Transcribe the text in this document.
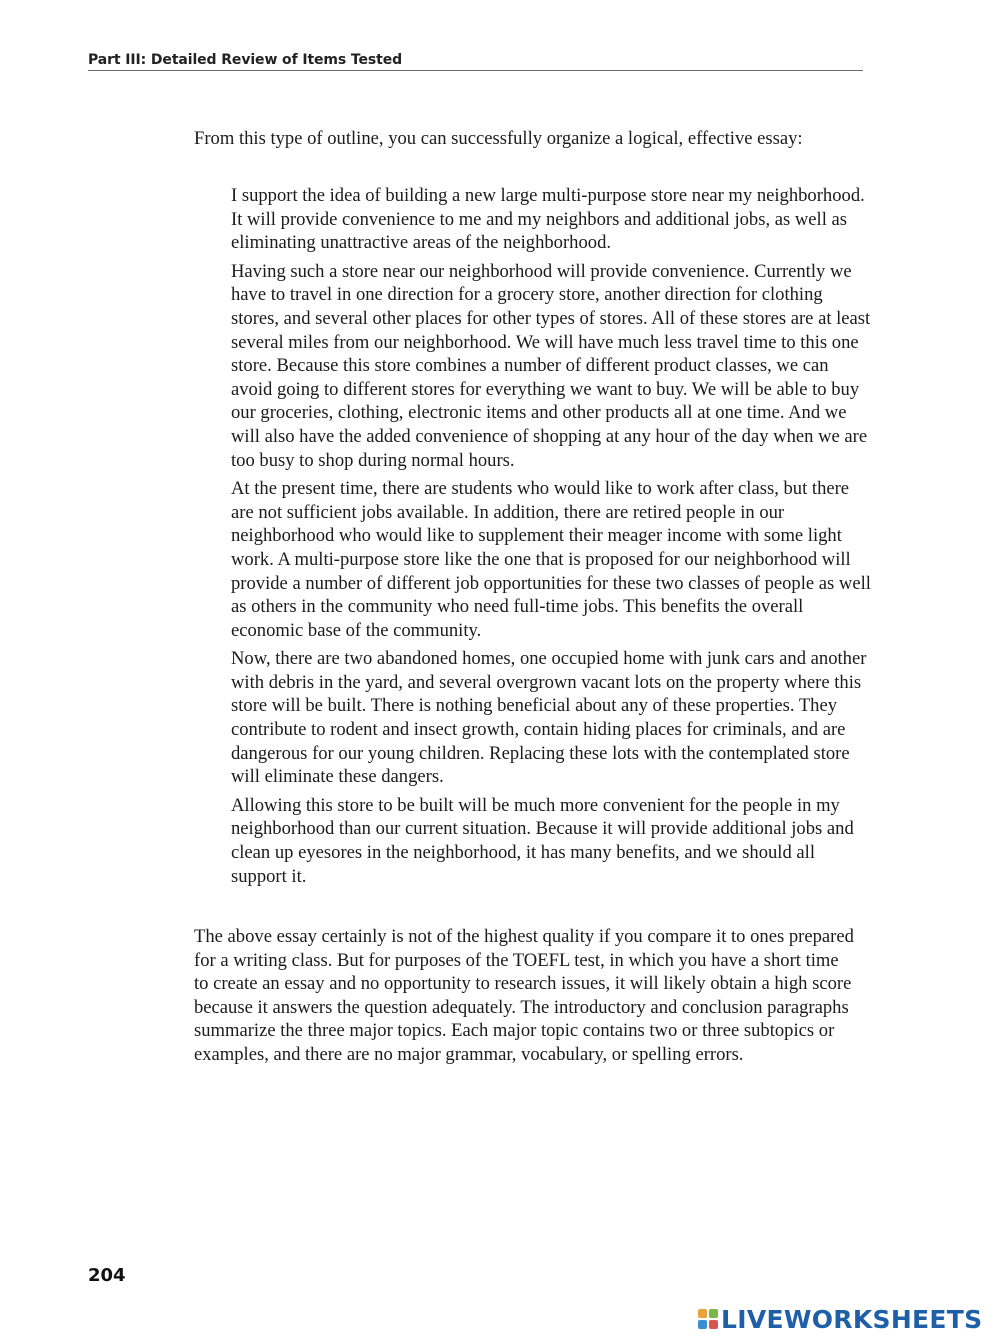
Part III: Detailed Review of Items Tested

From this type of outline, you can successfully organize a logical, effective essay:

I support the idea of building a new large multi-purpose store near my neighborhood. It will provide convenience to me and my neighbors and additional jobs, as well as eliminating unattractive areas of the neighborhood.

Having such a store near our neighborhood will provide convenience. Currently we have to travel in one direction for a grocery store, another direction for clothing stores, and several other places for other types of stores. All of these stores are at least several miles from our neighborhood. We will have much less travel time to this one store. Because this store combines a number of different product classes, we can avoid going to different stores for everything we want to buy. We will be able to buy our groceries, clothing, electronic items and other products all at one time. And we will also have the added convenience of shopping at any hour of the day when we are too busy to shop during normal hours.

At the present time, there are students who would like to work after class, but there are not sufficient jobs available. In addition, there are retired people in our neighborhood who would like to supplement their meager income with some light work. A multi-purpose store like the one that is proposed for our neighborhood will provide a number of different job opportunities for these two classes of people as well as others in the community who need full-time jobs. This benefits the overall economic base of the community.

Now, there are two abandoned homes, one occupied home with junk cars and another with debris in the yard, and several overgrown vacant lots on the property where this store will be built. There is nothing beneficial about any of these properties. They contribute to rodent and insect growth, contain hiding places for criminals, and are dangerous for our young children. Replacing these lots with the contemplated store will eliminate these dangers.

Allowing this store to be built will be much more convenient for the people in my neighborhood than our current situation. Because it will provide additional jobs and clean up eyesores in the neighborhood, it has many benefits, and we should all support it.

The above essay certainly is not of the highest quality if you compare it to ones prepared for a writing class. But for purposes of the TOEFL test, in which you have a short time to create an essay and no opportunity to research issues, it will likely obtain a high score because it answers the question adequately. The introductory and conclusion paragraphs summarize the three major topics. Each major topic contains two or three subtopics or examples, and there are no major grammar, vocabulary, or spelling errors.

204
LIVEWORKSHEETS
